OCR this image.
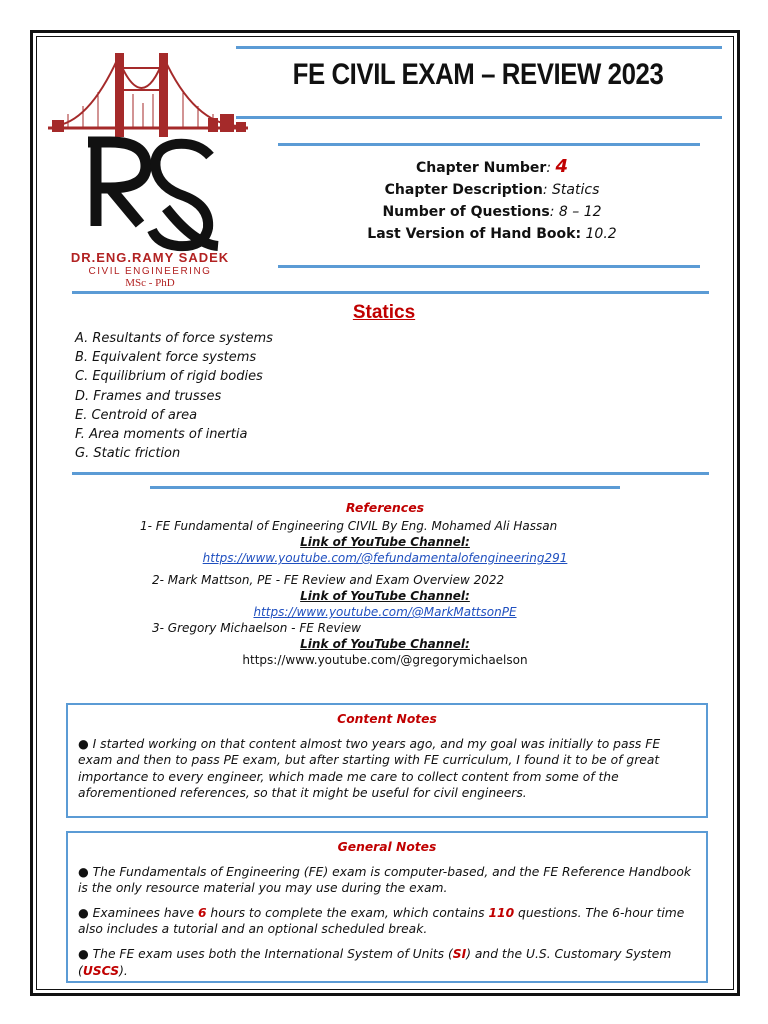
DR.ENG.RAMY SADEK
CIVIL ENGINEERING
MSc - PhD
FE CIVIL EXAM – REVIEW 2023
Chapter Number: 4
Chapter Description: Statics
Number of Questions: 8 – 12
Last Version of Hand Book: 10.2
Statics
A. Resultants of force systems
B. Equivalent force systems
C. Equilibrium of rigid bodies
D. Frames and trusses
E. Centroid of area
F. Area moments of inertia
G. Static friction
References
1- FE Fundamental of Engineering CIVIL By Eng. Mohamed Ali Hassan
Link of YouTube Channel:
https://www.youtube.com/@fefundamentalofengineering291
2- Mark Mattson, PE - FE Review and Exam Overview 2022
Link of YouTube Channel:
https://www.youtube.com/@MarkMattsonPE
3- Gregory Michaelson - FE Review
Link of YouTube Channel:
https://www.youtube.com/@gregorymichaelson
Content Notes

● I started working on that content almost two years ago, and my goal was initially to pass FE exam and then to pass PE exam, but after starting with FE curriculum, I found it to be of great importance to every engineer, which made me care to collect content from some of the aforementioned references, so that it might be useful for civil engineers.

General Notes

● The Fundamentals of Engineering (FE) exam is computer-based, and the FE Reference Handbook is the only resource material you may use during the exam.

● Examinees have 6 hours to complete the exam, which contains 110 questions. The 6-hour time also includes a tutorial and an optional scheduled break.

● The FE exam uses both the International System of Units (SI) and the U.S. Customary System (USCS).
